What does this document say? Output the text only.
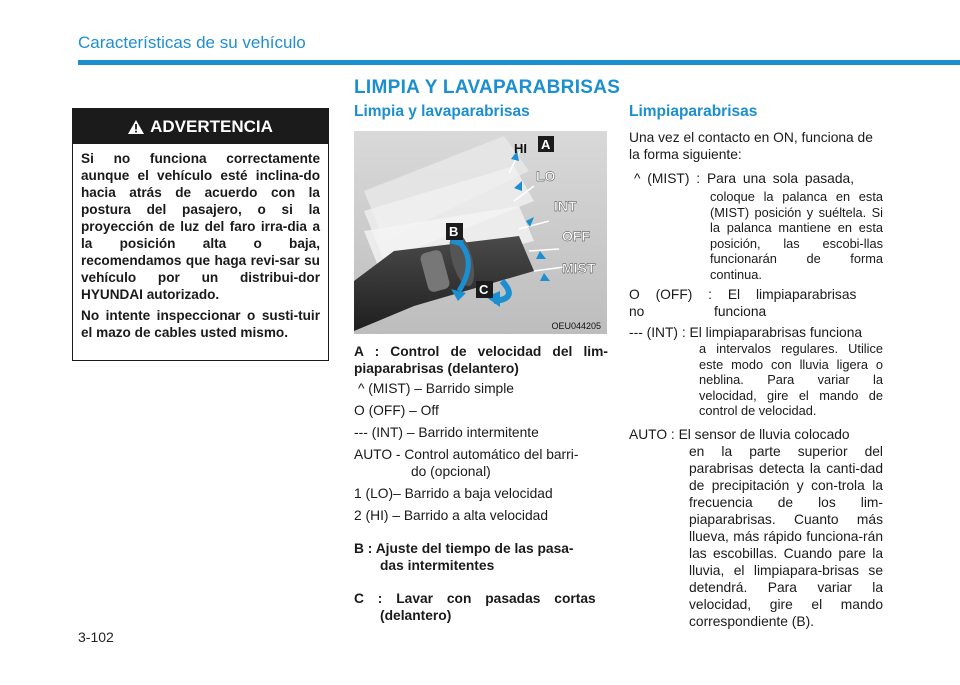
Características de su vehículo
LIMPIA Y LAVAPARABRISAS
ADVERTENCIA

Si no funciona correctamente aunque el vehículo esté inclina-do hacia atrás de acuerdo con la postura del pasajero, o si la proyección de luz del faro irra-dia a la posición alta o baja, recomendamos que haga revi-sar su vehículo por un distribui-dor HYUNDAI autorizado.

No intente inspeccionar o susti-tuir el mazo de cables usted mismo.

Limpia y lavaparabrisas

HI A
LO
INT
OFF
MIST
B
C
OEU044205
A : Control de velocidad del lim-piaparabrisas (delantero)
^ (MIST) – Barrido simple
O (OFF) – Off
--- (INT) – Barrido intermitente
AUTO - Control automático del barri-
do (opcional)
1 (LO)– Barrido a baja velocidad
2 (HI) – Barrido a alta velocidad
B : Ajuste del tiempo de las pasa-
das intermitentes
C : Lavar con pasadas cortas
(delantero)
Limpiaparabrisas
Una vez el contacto en ON, funciona de la forma siguiente:
^ (MIST) : Para una sola pasada,
coloque la palanca en esta (MIST) posición y suéltela. Si la palanca mantiene en esta posición, las escobi-llas funcionarán de forma continua.
O (OFF) : El limpiaparabrisas no	funciona
--- (INT) : El limpiaparabrisas funciona
a intervalos regulares. Utilice este modo con lluvia ligera o neblina. Para variar la velocidad, gire el mando de control de velocidad.
AUTO : El sensor de lluvia colocado
en la parte superior del parabrisas detecta la canti-dad de precipitación y con-trola la frecuencia de los lim-piaparabrisas. Cuanto más llueva, más rápido funciona-rán las escobillas. Cuando pare la lluvia, el limpiapara-brisas se detendrá. Para variar la velocidad, gire el mando correspondiente (B).
3-102
